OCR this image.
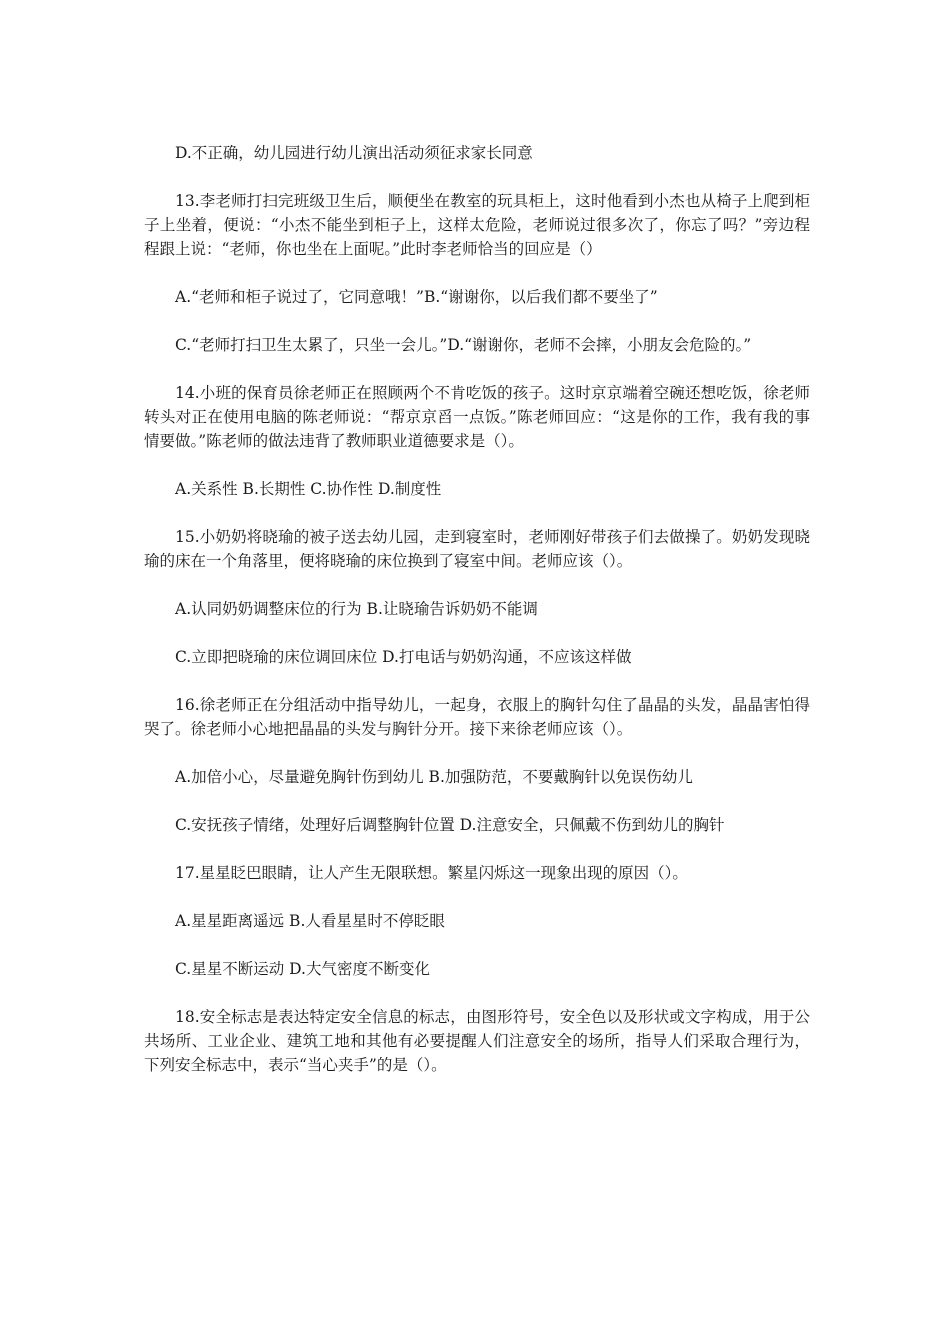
D.不正确，幼儿园进行幼儿演出活动须征求家长同意

13.李老师打扫完班级卫生后，顺便坐在教室的玩具柜上，这时他看到小杰也从椅子上爬到柜子上坐着，便说：“小杰不能坐到柜子上，这样太危险，老师说过很多次了，你忘了吗？”旁边程程跟上说：“老师，你也坐在上面呢。”此时李老师恰当的回应是（）

A.“老师和柜子说过了，它同意哦！”B.“谢谢你，以后我们都不要坐了”

C.“老师打扫卫生太累了，只坐一会儿。”D.“谢谢你，老师不会摔，小朋友会危险的。”

14.小班的保育员徐老师正在照顾两个不肯吃饭的孩子。这时京京端着空碗还想吃饭，徐老师转头对正在使用电脑的陈老师说：“帮京京舀一点饭。”陈老师回应：“这是你的工作，我有我的事情要做。”陈老师的做法违背了教师职业道德要求是（）。

A.关系性 B.长期性 C.协作性 D.制度性

15.小奶奶将晓瑜的被子送去幼儿园，走到寝室时，老师刚好带孩子们去做操了。奶奶发现晓瑜的床在一个角落里，便将晓瑜的床位换到了寝室中间。老师应该（）。

A.认同奶奶调整床位的行为 B.让晓瑜告诉奶奶不能调

C.立即把晓瑜的床位调回床位 D.打电话与奶奶沟通，不应该这样做

16.徐老师正在分组活动中指导幼儿，一起身，衣服上的胸针勾住了晶晶的头发，晶晶害怕得哭了。徐老师小心地把晶晶的头发与胸针分开。接下来徐老师应该（）。

A.加倍小心，尽量避免胸针伤到幼儿 B.加强防范，不要戴胸针以免误伤幼儿

C.安抚孩子情绪，处理好后调整胸针位置 D.注意安全，只佩戴不伤到幼儿的胸针

17.星星眨巴眼睛，让人产生无限联想。繁星闪烁这一现象出现的原因（）。

A.星星距离遥远 B.人看星星时不停眨眼

C.星星不断运动 D.大气密度不断变化

18.安全标志是表达特定安全信息的标志，由图形符号，安全色以及形状或文字构成，用于公共场所、工业企业、建筑工地和其他有必要提醒人们注意安全的场所，指导人们采取合理行为，下列安全标志中，表示“当心夹手”的是（）。
